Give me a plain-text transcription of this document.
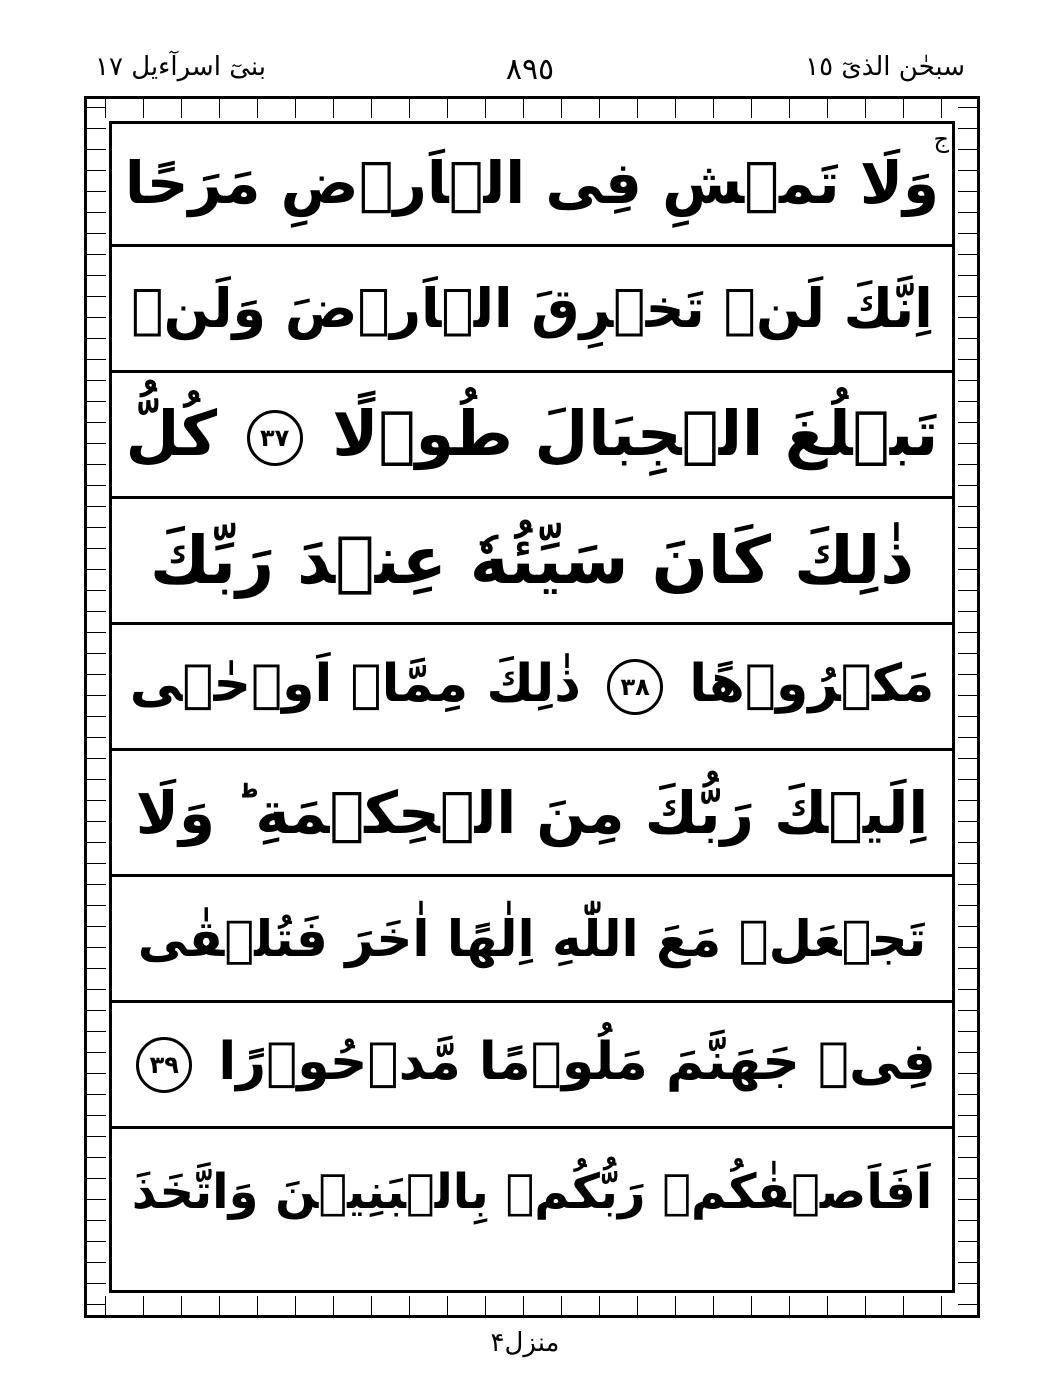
سبحٰن الذیٓ ١٥
٨٩٥
بنیٓ اسرآءیل ١٧
ج
وَلَا تَمۡشِ فِی الۡاَرۡضِ مَرَحًا
اِنَّكَ لَنۡ تَخۡرِقَ الۡاَرۡضَ وَلَنۡ
تَبۡلُغَ الۡجِبَالَ طُوۡلًا ٣٧ كُلُّ
ذٰلِكَ كَانَ سَيِّئُهٗ عِنۡدَ رَبِّكَ
مَكۡرُوۡهًا ٣٨ ذٰلِكَ مِمَّاۤ اَوۡحٰۤى
اِلَيۡكَ رَبُّكَ مِنَ الۡحِكۡمَةِ ؕ وَلَا
تَجۡعَلۡ مَعَ اللّٰهِ اِلٰهًا اٰخَرَ فَتُلۡقٰى
فِىۡ جَهَنَّمَ مَلُوۡمًا مَّدۡحُوۡرًا ٣٩
اَفَاَصۡفٰكُمۡ رَبُّكُمۡ بِالۡبَنِيۡنَ وَاتَّخَذَ
منزل۴
